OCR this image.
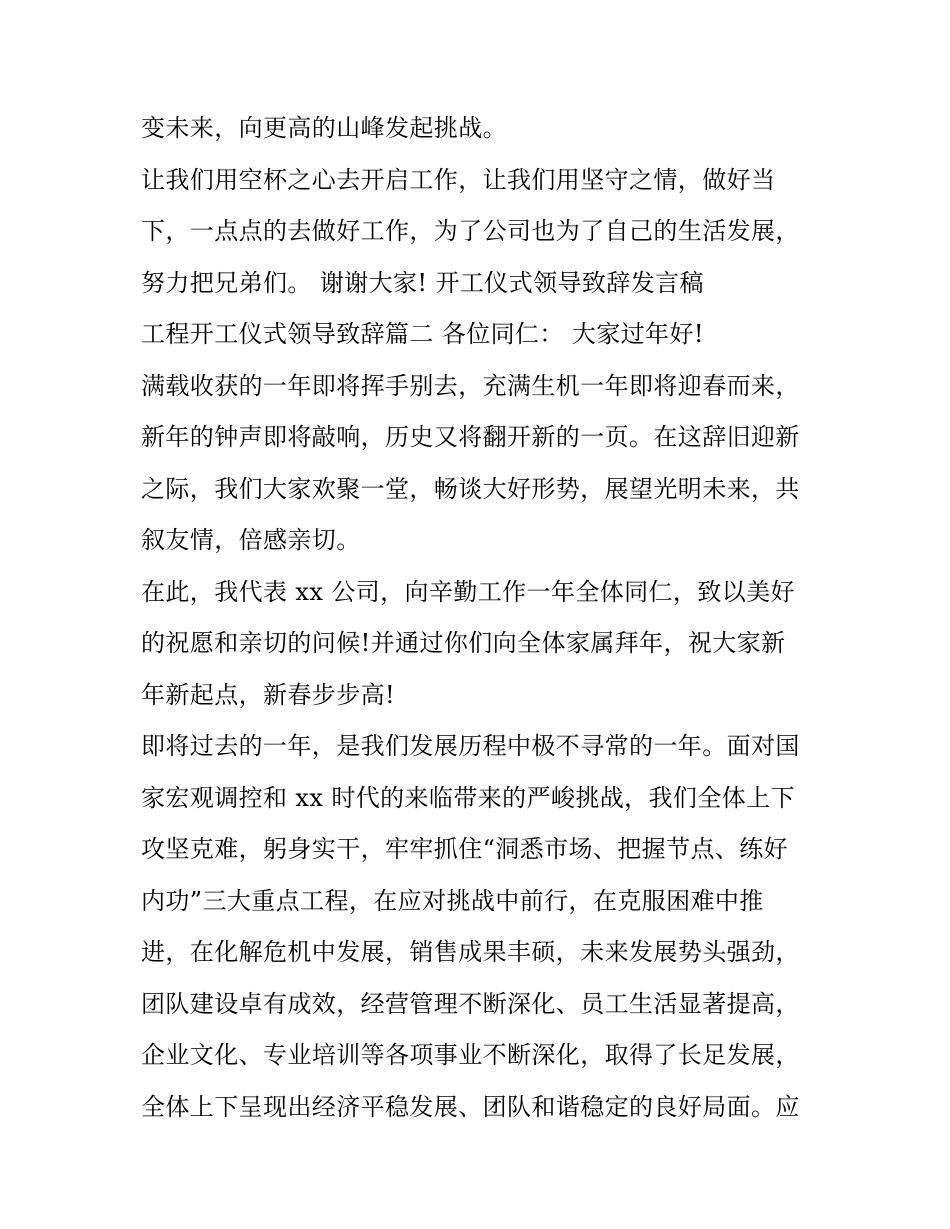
变未来，向更高的山峰发起挑战。
让我们用空杯之心去开启工作，让我们用坚守之情，做好当
下，一点点的去做好工作，为了公司也为了自己的生活发展，
努力把兄弟们。 谢谢大家! 开工仪式领导致辞发言稿
工程开工仪式领导致辞篇二 各位同仁： 大家过年好!
满载收获的一年即将挥手别去，充满生机一年即将迎春而来，
新年的钟声即将敲响，历史又将翻开新的一页。在这辞旧迎新
之际，我们大家欢聚一堂，畅谈大好形势，展望光明未来，共
叙友情，倍感亲切。
在此，我代表 xx 公司，向辛勤工作一年全体同仁，致以美好
的祝愿和亲切的问候!并通过你们向全体家属拜年，祝大家新
年新起点，新春步步高!
即将过去的一年，是我们发展历程中极不寻常的一年。面对国
家宏观调控和 xx 时代的来临带来的严峻挑战，我们全体上下
攻坚克难，躬身实干，牢牢抓住“洞悉市场、把握节点、练好
内功”三大重点工程，在应对挑战中前行，在克服困难中推
进，在化解危机中发展，销售成果丰硕，未来发展势头强劲，
团队建设卓有成效，经营管理不断深化、员工生活显著提高，
企业文化、专业培训等各项事业不断深化，取得了长足发展，
全体上下呈现出经济平稳发展、团队和谐稳定的良好局面。应
